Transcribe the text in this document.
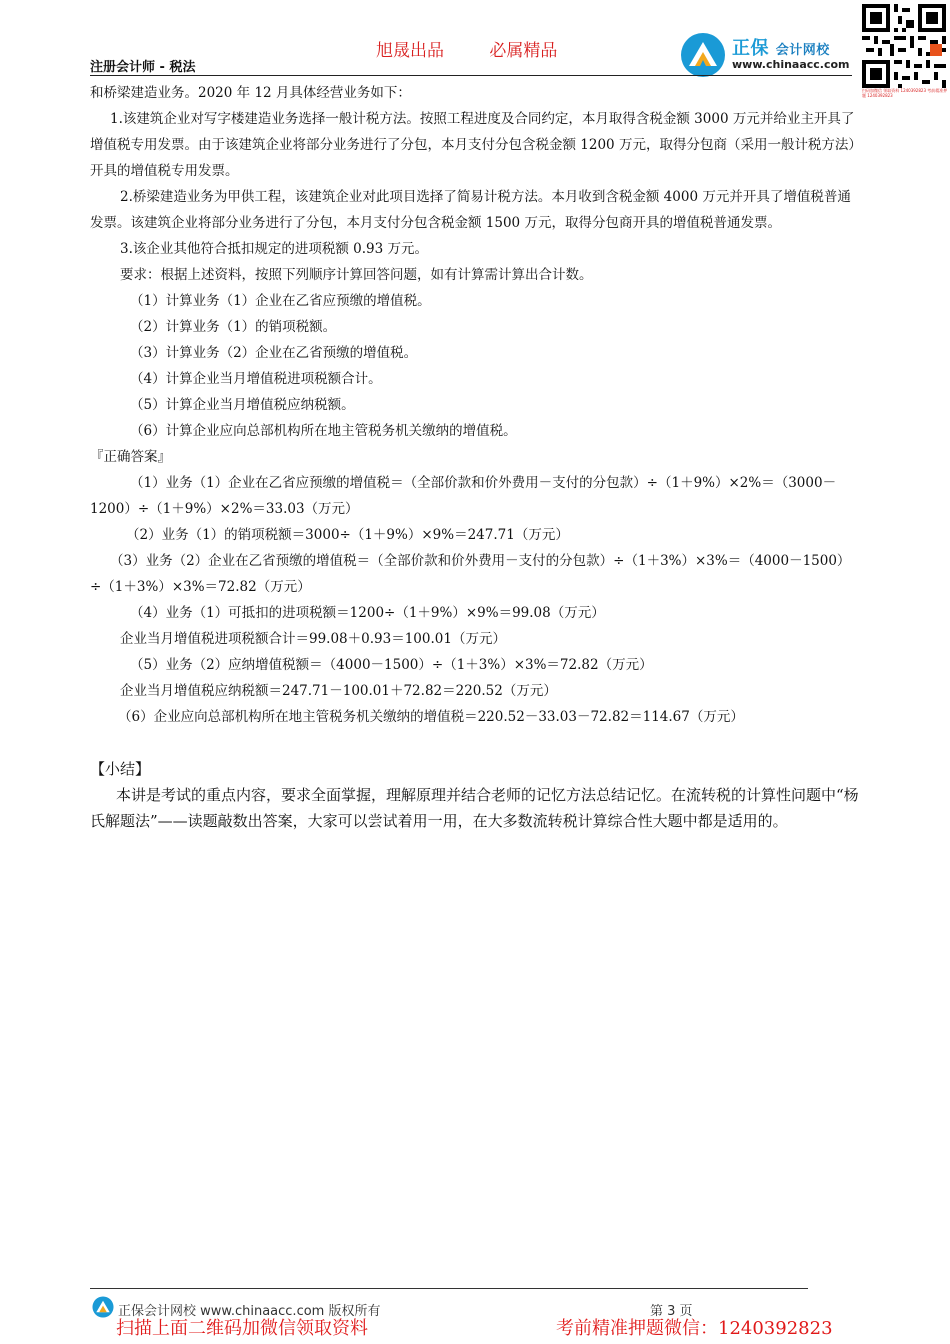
旭晟出品	必属精品	正保 会计网校
www.chinaacc.com
扫码加微信 领取资料 1240392823 考前精准押题 1240392823
注册会计师 - 税法

和桥梁建造业务。2020 年 12 月具体经营业务如下：

1.该建筑企业对写字楼建造业务选择一般计税方法。按照工程进度及合同约定，本月取得含税金额 3000 万元并给业主开具了增值税专用发票。由于该建筑企业将部分业务进行了分包，本月支付分包含税金额 1200 万元，取得分包商（采用一般计税方法）开具的增值税专用发票。

2.桥梁建造业务为甲供工程，该建筑企业对此项目选择了简易计税方法。本月收到含税金额 4000 万元并开具了增值税普通发票。该建筑企业将部分业务进行了分包，本月支付分包含税金额 1500 万元，取得分包商开具的增值税普通发票。

3.该企业其他符合抵扣规定的进项税额 0.93 万元。

要求：根据上述资料，按照下列顺序计算回答问题，如有计算需计算出合计数。

（1）计算业务（1）企业在乙省应预缴的增值税。

（2）计算业务（1）的销项税额。

（3）计算业务（2）企业在乙省预缴的增值税。

（4）计算企业当月增值税进项税额合计。

（5）计算企业当月增值税应纳税额。

（6）计算企业应向总部机构所在地主管税务机关缴纳的增值税。

『正确答案』

（1）业务（1）企业在乙省应预缴的增值税＝（全部价款和价外费用－支付的分包款）÷（1＋9%）×2%＝（3000－1200）÷（1＋9%）×2%＝33.03（万元）

（2）业务（1）的销项税额＝3000÷（1＋9%）×9%＝247.71（万元）

（3）业务（2）企业在乙省预缴的增值税＝（全部价款和价外费用－支付的分包款）÷（1＋3%）×3%＝（4000－1500）÷（1＋3%）×3%＝72.82（万元）

（4）业务（1）可抵扣的进项税额＝1200÷（1＋9%）×9%＝99.08（万元）

企业当月增值税进项税额合计＝99.08＋0.93＝100.01（万元）

（5）业务（2）应纳增值税额＝（4000－1500）÷（1＋3%）×3%＝72.82（万元）

企业当月增值税应纳税额＝247.71－100.01＋72.82＝220.52（万元）

（6）企业应向总部机构所在地主管税务机关缴纳的增值税＝220.52－33.03－72.82＝114.67（万元）

【小结】

本讲是考试的重点内容，要求全面掌握，理解原理并结合老师的记忆方法总结记忆。在流转税的计算性问题中“杨氏解题法”——读题敲数出答案，大家可以尝试着用一用，在大多数流转税计算综合性大题中都是适用的。

正保会计网校 www.chinaacc.com 版权所有	第 3 页
扫描上面二维码加微信领取资料	考前精准押题微信：1240392823
